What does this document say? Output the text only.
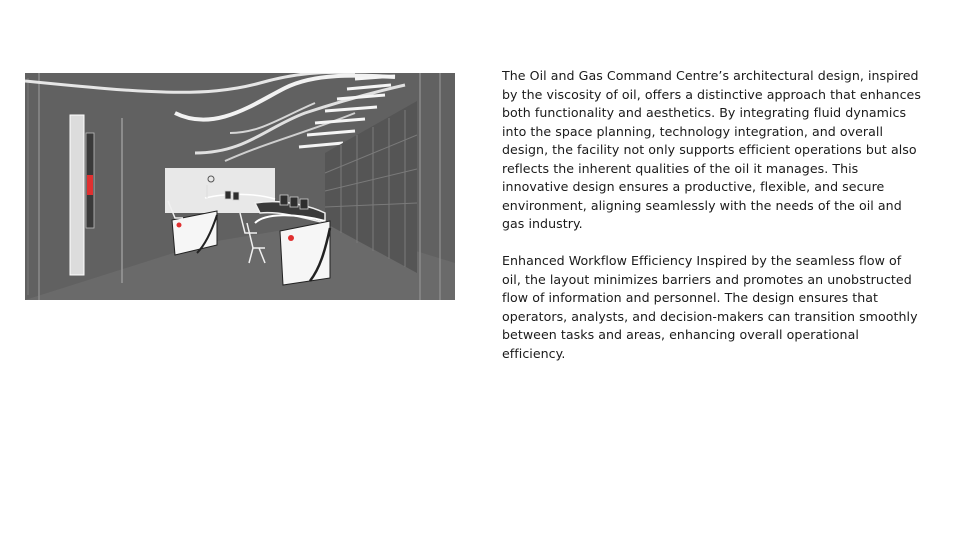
The Oil and Gas Command Centre’s architectural design, inspired by the viscosity of oil, offers a distinctive approach that enhances both functionality and aesthetics. By integrating fluid dynamics into the space planning, technology integration, and overall design, the facility not only supports efficient operations but also reflects the inherent qualities of the oil it manages. This innovative design ensures a productive, flexible, and secure environment, aligning seamlessly with the needs of the oil and gas industry.

Enhanced Workflow Efficiency Inspired by the seamless flow of oil, the layout minimizes barriers and promotes an unobstructed flow of information and personnel. The design ensures that operators, analysts, and decision-makers can transition smoothly between tasks and areas, enhancing overall operational efficiency.
